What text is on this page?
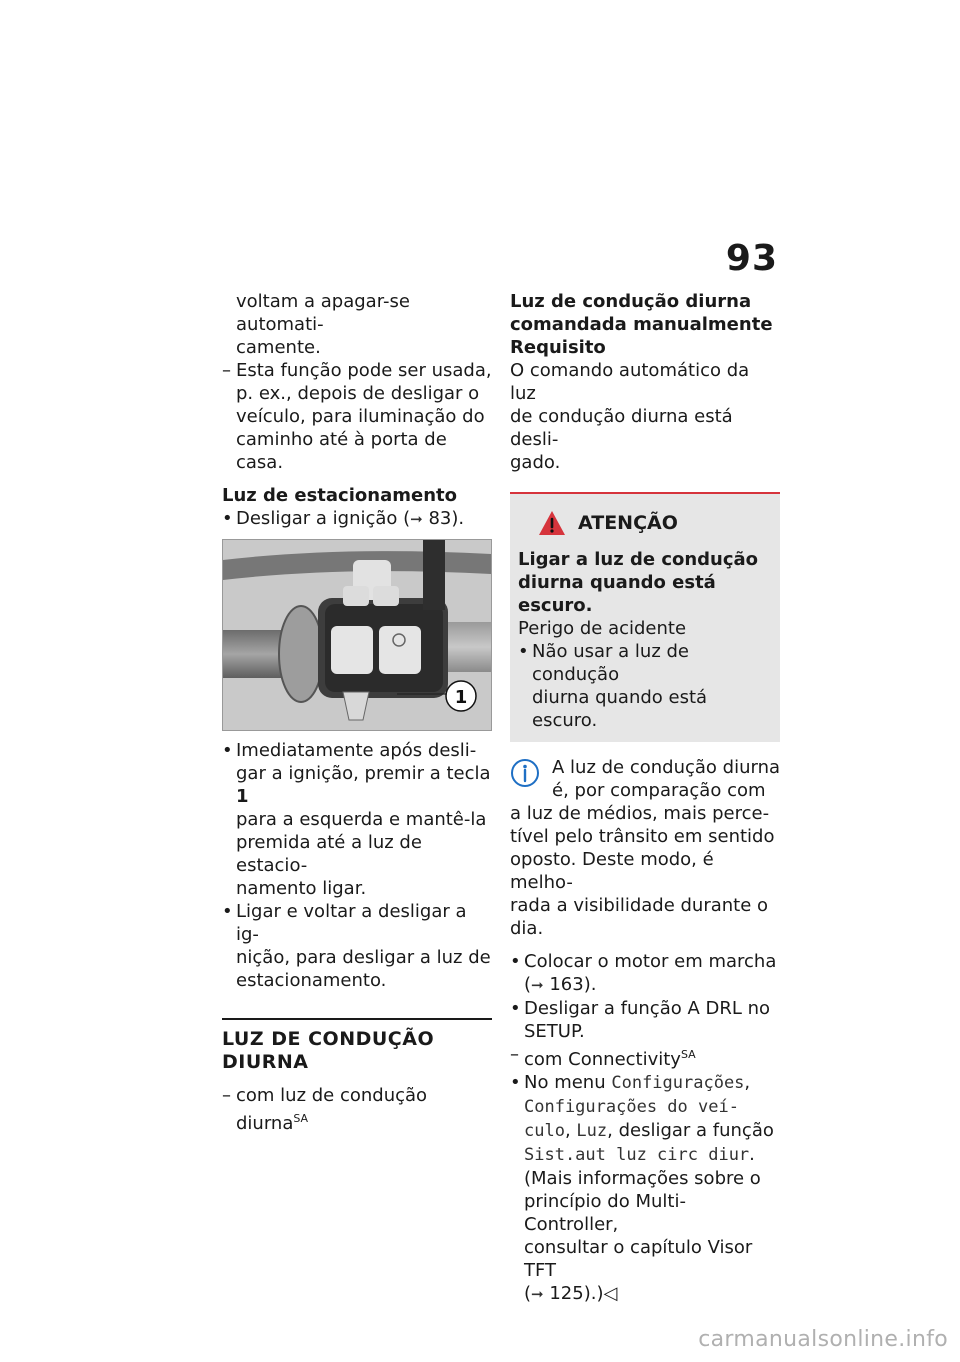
93

voltam a apagar-se automati-
camente.

– Esta função pode ser usada,
p. ex., depois de desligar o
veículo, para iluminação do
caminho até à porta de casa.

Luz de estacionamento

• Desligar a ignição (➞ 83).

1

• Imediatamente após desli-
gar a ignição, premir a tecla 1
para a esquerda e mantê-la
premida até a luz de estacio-
namento ligar.

• Ligar e voltar a desligar a ig-
nição, para desligar a luz de
estacionamento.

LUZ DE CONDUÇÃO DIURNA

– com luz de condução
diurna$^{SA}$

Luz de condução diurna
comandada manualmente
Requisito

O comando automático da luz
de condução diurna está desli-
gado.

ATENÇÃO

Ligar a luz de condução
diurna quando está escuro.

Perigo de acidente

• Não usar a luz de condução
diurna quando está escuro.

A luz de condução diurna
é, por comparação com

a luz de médios, mais perce-
tível pelo trânsito em sentido
oposto. Deste modo, é melho-
rada a visibilidade durante o
dia.

• Colocar o motor em marcha
(➞ 163).

• Desligar a função A DRL no
SETUP.

– com Connectivity$^{SA}$

• No menu Configurações,
Configurações do veí-
culo, Luz, desligar a função
Sist.aut luz circ diur.
(Mais informações sobre o
princípio do Multi-Controller,
consultar o capítulo Visor TFT
(➞ 125).)◁

carmanualsonline.info
